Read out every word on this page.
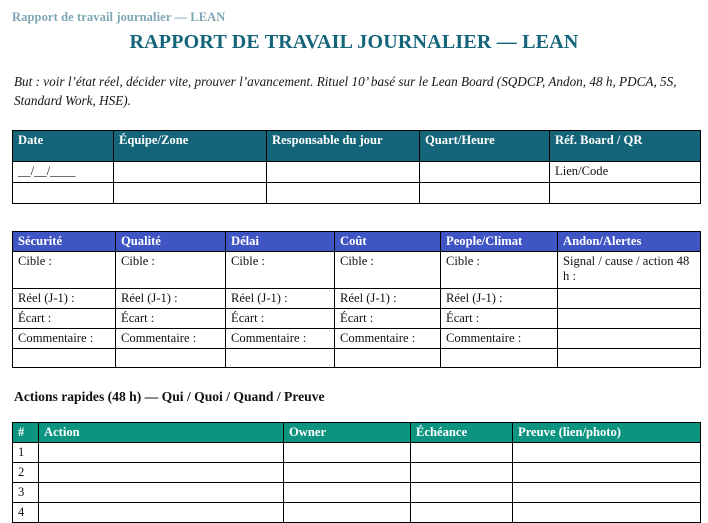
Rapport de travail journalier — LEAN
RAPPORT DE TRAVAIL JOURNALIER — LEAN
But : voir l’état réel, décider vite, prouver l’avancement. Rituel 10’ basé sur le Lean Board (SQDCP, Andon, 48 h, PDCA, 5S, Standard Work, HSE).
Date	Équipe/Zone	Responsable du jour	Quart/Heure	Réf. Board / QR
__/__/____				Lien/Code

Sécurité	Qualité	Délai	Coût	People/Climat	Andon/Alertes
Cible :	Cible :	Cible :	Cible :	Cible :	Signal / cause / action 48 h :
Réel (J-1) :	Réel (J-1) :	Réel (J-1) :	Réel (J-1) :	Réel (J-1) :	
Écart :	Écart :	Écart :	Écart :	Écart :	
Commentaire :	Commentaire :	Commentaire :	Commentaire :	Commentaire :	

Actions rapides (48 h) — Qui / Quoi / Quand / Preuve
#	Action	Owner	Échéance	Preuve (lien/photo)
1				
2				
3				
4				
